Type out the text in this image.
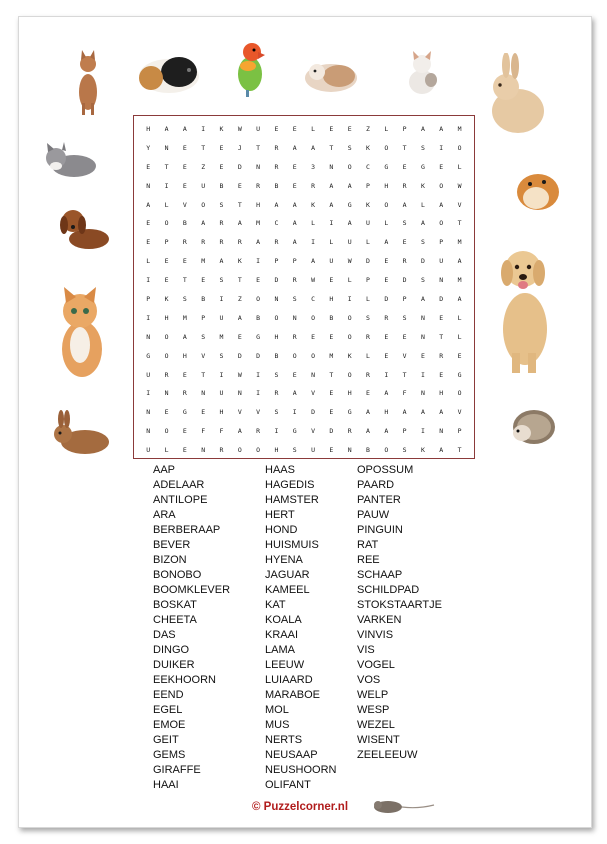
H	A	A	I	K	W	U	E	E	L	E	E	Z	L	P	A	A	M
Y	N	E	T	E	J	T	R	A	A	T	S	K	O	T	S	I	O
E	T	E	Z	E	D	N	R	E	3	N	O	C	G	E	G	E	L
N	I	E	U	B	E	R	B	E	R	A	A	P	H	R	K	O	W
A	L	V	O	S	T	H	A	A	K	A	G	K	O	A	L	A	V
E	O	B	A	R	A	M	C	A	L	I	A	U	L	S	A	O	T
E	P	R	R	R	R	A	R	A	I	L	U	L	A	E	S	P	M
L	E	E	M	A	K	I	P	P	A	U	W	D	E	R	D	U	A
I	E	T	E	S	T	E	D	R	W	E	L	P	E	D	S	N	M
P	K	S	B	I	Z	O	N	S	C	H	I	L	D	P	A	D	A
I	H	M	P	U	A	B	O	N	O	B	O	S	R	S	N	E	L
N	O	A	S	M	E	G	H	R	E	E	O	R	E	E	N	T	L
G	O	H	V	S	D	D	B	O	O	M	K	L	E	V	E	R	E
U	R	E	T	I	W	I	S	E	N	T	O	R	I	T	I	E	G
I	N	R	N	U	N	I	R	A	V	E	H	E	A	F	N	H	O
N	E	G	E	H	V	V	S	I	D	E	G	A	H	A	A	A	V
N	O	E	F	F	A	R	I	G	V	D	R	A	A	P	I	N	P
U	L	E	N	R	O	O	H	S	U	E	N	B	O	S	K	A	T
AAP
ADELAAR
ANTILOPE
ARA
BERBERAAP
BEVER
BIZON
BONOBO
BOOMKLEVER
BOSKAT
CHEETA
DAS
DINGO
DUIKER
EEKHOORN
EEND
EGEL
EMOE
GEIT
GEMS
GIRAFFE
HAAI
HAAS
HAGEDIS
HAMSTER
HERT
HOND
HUISMUIS
HYENA
JAGUAR
KAMEEL
KAT
KOALA
KRAAI
LAMA
LEEUW
LUIAARD
MARABOE
MOL
MUS
NERTS
NEUSAAP
NEUSHOORN
OLIFANT
OPOSSUM
PAARD
PANTER
PAUW
PINGUIN
RAT
REE
SCHAAP
SCHILDPAD
STOKSTAARTJE
VARKEN
VINVIS
VIS
VOGEL
VOS
WELP
WESP
WEZEL
WISENT
ZEELEEUW
© Puzzelcorner.nl
